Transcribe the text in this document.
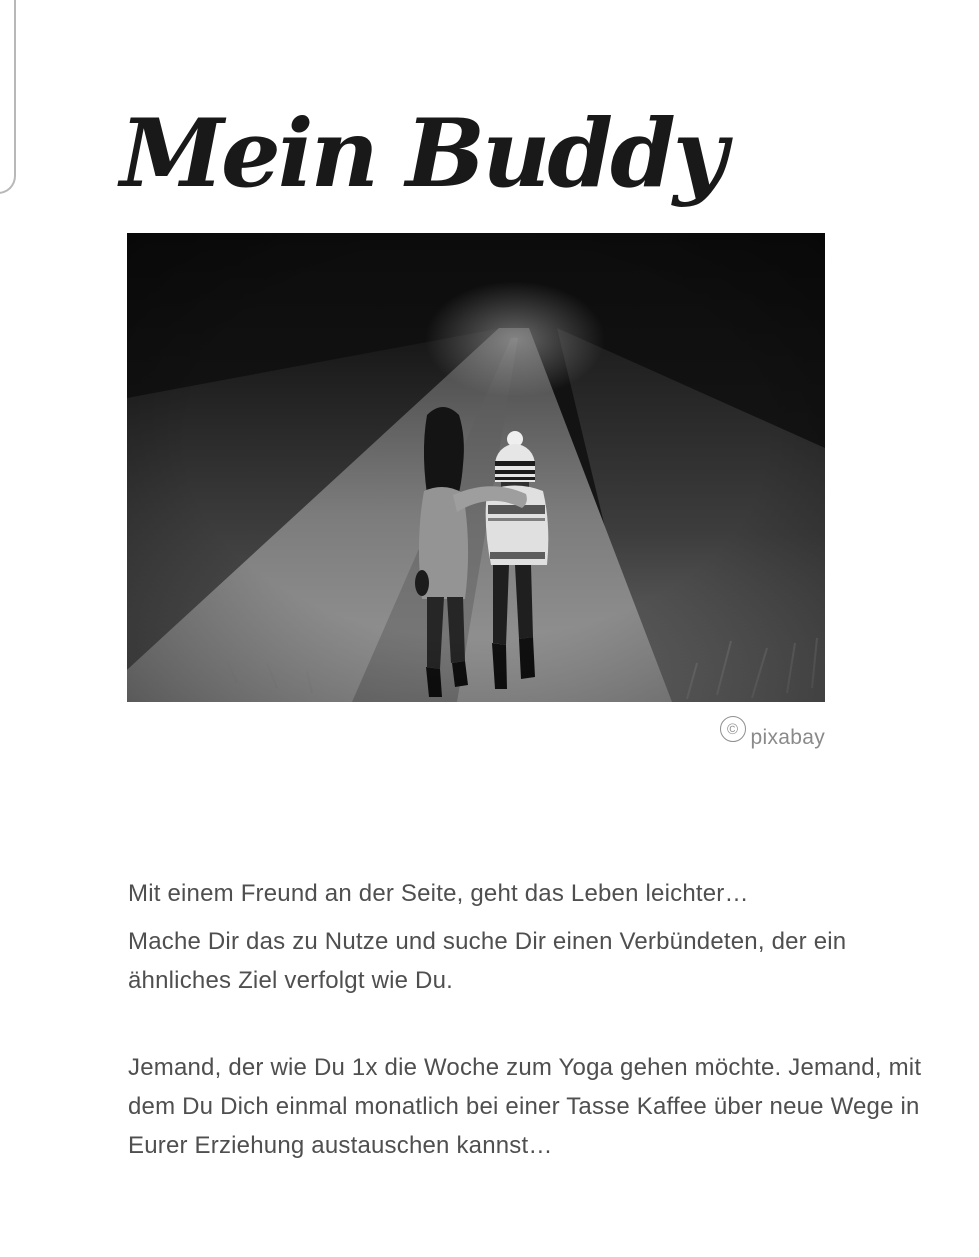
Mein Buddy
© pixabay

Mit einem Freund an der Seite, geht das Leben leichter…

Mache Dir das zu Nutze und suche Dir einen Verbündeten, der ein ähnliches Ziel verfolgt wie Du.

Jemand, der wie Du 1x die Woche zum Yoga gehen möchte. Jemand, mit dem Du Dich einmal monatlich bei einer Tasse Kaffee über neue Wege in Eurer Erziehung austauschen kannst…
